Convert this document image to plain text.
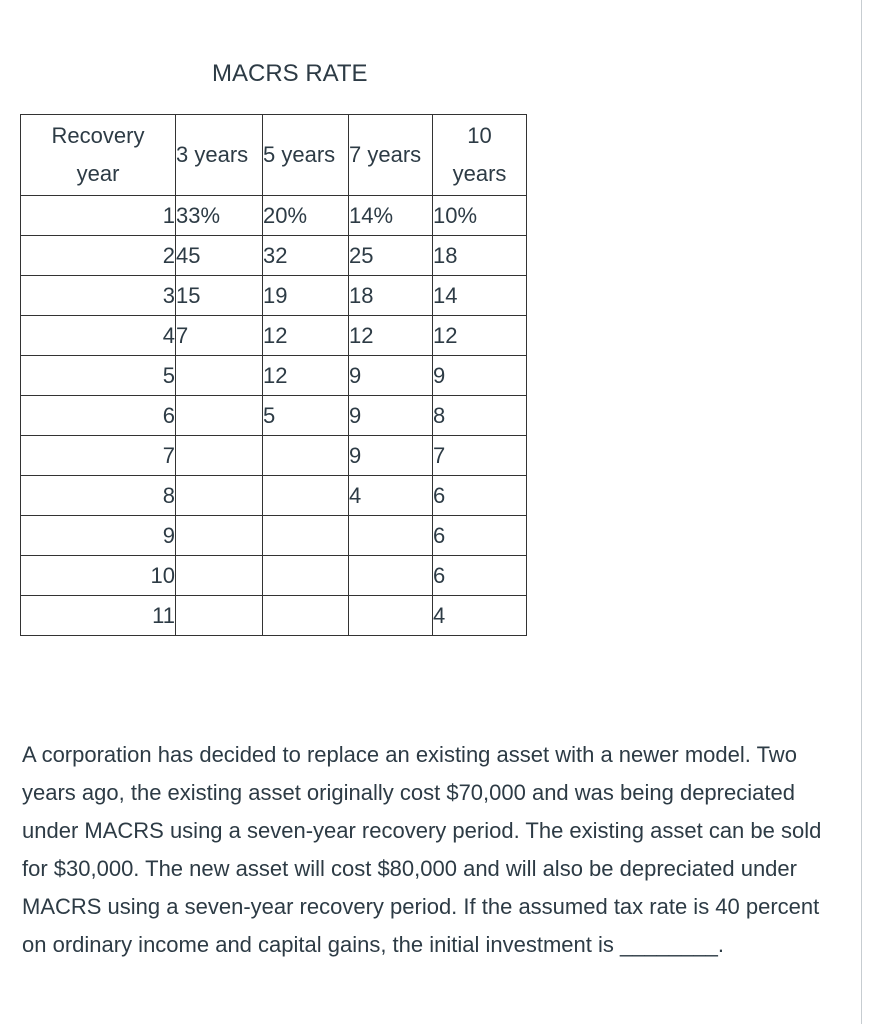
MACRS RATE
Recovery
year	3 years	5 years	7 years	10
years

1	33%	20%	14%	10%
2	45	32	25	18
3	15	19	18	14
4	7	12	12	12
5		12	9	9
6		5	9	8
7			9	7
8			4	6
9				6
10				6
11				4
A corporation has decided to replace an existing asset with a newer model. Two years ago, the existing asset originally cost $70,000 and was being depreciated under MACRS using a seven-year recovery period. The existing asset can be sold for $30,000. The new asset will cost $80,000 and will also be depreciated under MACRS using a seven-year recovery period. If the assumed tax rate is 40 percent on ordinary income and capital gains, the initial investment is ________.
